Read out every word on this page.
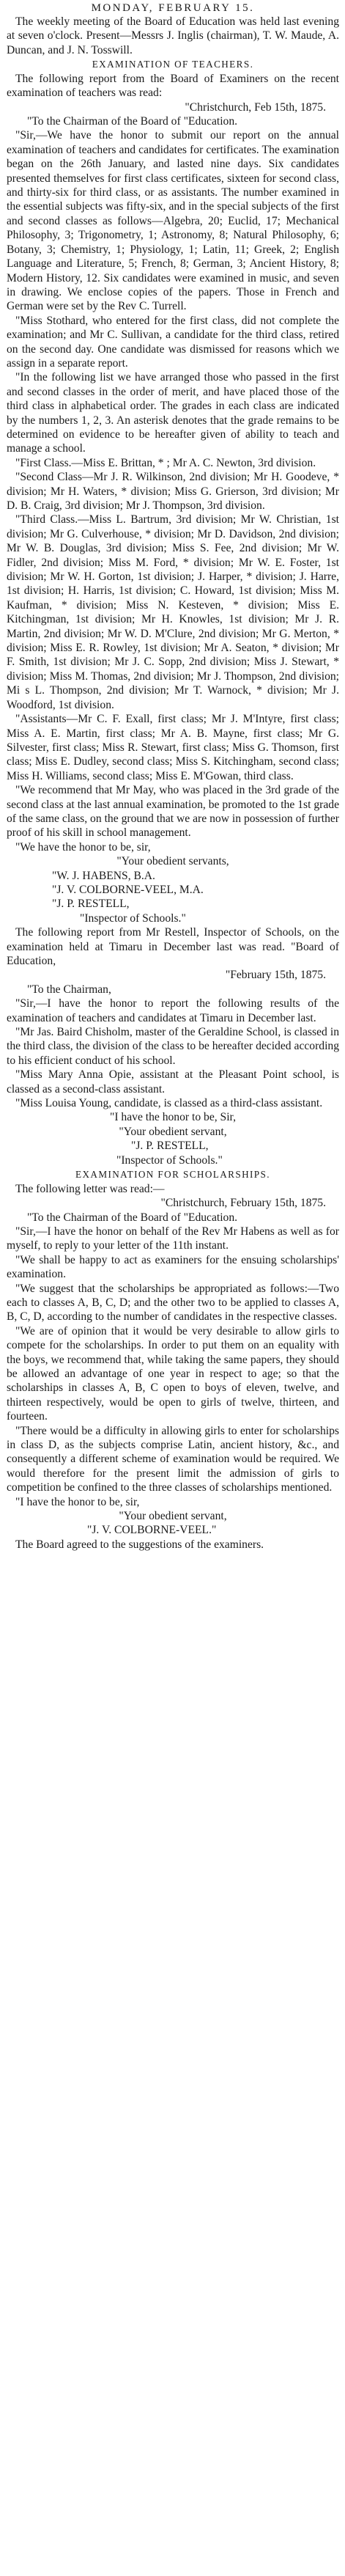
MONDAY, FEBRUARY 15.

The weekly meeting of the Board of Education was held last evening at seven o'clock. Present—Messrs J. Inglis (chairman), T. W. Maude, A. Duncan, and J. N. Tosswill.

EXAMINATION OF TEACHERS.

The following report from the Board of Examiners on the recent examination of teachers was read:

"Christchurch, Feb 15th, 1875.

"To the Chairman of the Board of "Education.

"Sir,—We have the honor to submit our report on the annual examination of teachers and candidates for certificates. The examination began on the 26th January, and lasted nine days. Six candidates presented themselves for first class certificates, sixteen for second class, and thirty-six for third class, or as assistants. The number examined in the essential subjects was fifty-six, and in the special subjects of the first and second classes as follows—Algebra, 20; Euclid, 17; Mechanical Philosophy, 3; Trigonometry, 1; Astronomy, 8; Natural Philosophy, 6; Botany, 3; Chemistry, 1; Physiology, 1; Latin, 11; Greek, 2; English Language and Literature, 5; French, 8; German, 3; Ancient History, 8; Modern History, 12. Six candidates were examined in music, and seven in drawing. We enclose copies of the papers. Those in French and German were set by the Rev C. Turrell.

"Miss Stothard, who entered for the first class, did not complete the examination; and Mr C. Sullivan, a candidate for the third class, retired on the second day. One candidate was dismissed for reasons which we assign in a separate report.

"In the following list we have arranged those who passed in the first and second classes in the order of merit, and have placed those of the third class in alphabetical order. The grades in each class are indicated by the numbers 1, 2, 3. An asterisk denotes that the grade remains to be determined on evidence to be hereafter given of ability to teach and manage a school.

"First Class.—Miss E. Brittan, * ; Mr A. C. Newton, 3rd division.

"Second Class—Mr J. R. Wilkinson, 2nd division; Mr H. Goodeve, * division; Mr H. Waters, * division; Miss G. Grierson, 3rd division; Mr D. B. Craig, 3rd division; Mr J. Thompson, 3rd division.

"Third Class.—Miss L. Bartrum, 3rd division; Mr W. Christian, 1st division; Mr G. Culverhouse, * division; Mr D. Davidson, 2nd division; Mr W. B. Douglas, 3rd division; Miss S. Fee, 2nd division; Mr W. Fidler, 2nd division; Miss M. Ford, * division; Mr W. E. Foster, 1st division; Mr W. H. Gorton, 1st division; J. Harper, * division; J. Harre, 1st division; H. Harris, 1st division; C. Howard, 1st division; Miss M. Kaufman, * division; Miss N. Kesteven, * division; Miss E. Kitchingman, 1st division; Mr H. Knowles, 1st division; Mr J. R. Martin, 2nd division; Mr W. D. M'Clure, 2nd division; Mr G. Merton, * division; Miss E. R. Rowley, 1st division; Mr A. Seaton, * division; Mr F. Smith, 1st division; Mr J. C. Sopp, 2nd division; Miss J. Stewart, * division; Miss M. Thomas, 2nd division; Mr J. Thompson, 2nd division; Mi s L. Thompson, 2nd division; Mr T. Warnock, * division; Mr J. Woodford, 1st division.

"Assistants—Mr C. F. Exall, first class; Mr J. M'Intyre, first class; Miss A. E. Martin, first class; Mr A. B. Mayne, first class; Mr G. Silvester, first class; Miss R. Stewart, first class; Miss G. Thomson, first class; Miss E. Dudley, second class; Miss S. Kitchingham, second class; Miss H. Williams, second class; Miss E. M'Gowan, third class.

"We recommend that Mr May, who was placed in the 3rd grade of the second class at the last annual examination, be promoted to the 1st grade of the same class, on the ground that we are now in possession of further proof of his skill in school management.

"We have the honor to be, sir,

"Your obedient servants,
"W. J. HABENS, B.A.
"J. V. COLBORNE-VEEL, M.A.
"J. P. RESTELL,
"Inspector of Schools."

The following report from Mr Restell, Inspector of Schools, on the examination held at Timaru in December last was read. "Board of Education,

"February 15th, 1875.

"To the Chairman,

"Sir,—I have the honor to report the following results of the examination of teachers and candidates at Timaru in December last.

"Mr Jas. Baird Chisholm, master of the Geraldine School, is classed in the third class, the division of the class to be hereafter decided according to his efficient conduct of his school.

"Miss Mary Anna Opie, assistant at the Pleasant Point school, is classed as a second-class assistant.

"Miss Louisa Young, candidate, is classed as a third-class assistant.

"I have the honor to be, Sir,
"Your obedient servant,
"J. P. RESTELL,
"Inspector of Schools."
EXAMINATION FOR SCHOLARSHIPS.

The following letter was read:—

"Christchurch, February 15th, 1875.

"To the Chairman of the Board of "Education.

"Sir,—I have the honor on behalf of the Rev Mr Habens as well as for myself, to reply to your letter of the 11th instant.

"We shall be happy to act as examiners for the ensuing scholarships' examination.

"We suggest that the scholarships be appropriated as follows:—Two each to classes A, B, C, D; and the other two to be applied to classes A, B, C, D, according to the number of candidates in the respective classes.

"We are of opinion that it would be very desirable to allow girls to compete for the scholarships. In order to put them on an equality with the boys, we recommend that, while taking the same papers, they should be allowed an advantage of one year in respect to age; so that the scholarships in classes A, B, C open to boys of eleven, twelve, and thirteen respectively, would be open to girls of twelve, thirteen, and fourteen.

"There would be a difficulty in allowing girls to enter for scholarships in class D, as the subjects comprise Latin, ancient history, &c., and consequently a different scheme of examination would be required. We would therefore for the present limit the admission of girls to competition be confined to the three classes of scholarships mentioned.

"I have the honor to be, sir,

"Your obedient servant,
"J. V. COLBORNE-VEEL."

The Board agreed to the suggestions of the examiners.
